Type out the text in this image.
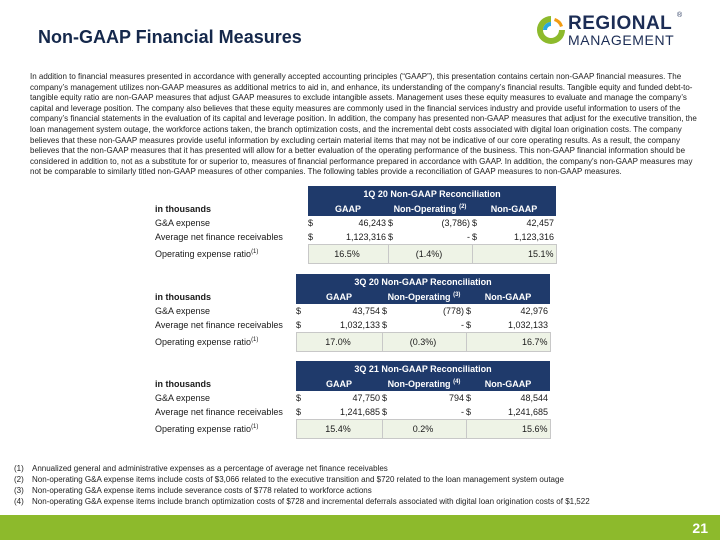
Non-GAAP Financial Measures
REGIONAL ®
MANAGEMENT
In addition to financial measures presented in accordance with generally accepted accounting principles (“GAAP”), this presentation contains certain non-GAAP financial measures. The company’s management utilizes non-GAAP measures as additional metrics to aid in, and enhance, its understanding of the company’s financial results. Tangible equity and funded debt-to-tangible equity ratio are non-GAAP measures that adjust GAAP measures to exclude intangible assets. Management uses these equity measures to evaluate and manage the company’s capital and leverage position. The company also believes that these equity measures are commonly used in the financial services industry and provide useful information to users of the company’s financial statements in the evaluation of its capital and leverage position. In addition, the company has presented non-GAAP measures that adjust for the executive transition, the loan management system outage, the workforce actions taken, the branch optimization costs, and the incremental debt costs associated with digital loan origination costs. The company believes that these non-GAAP measures provide useful information by excluding certain material items that may not be indicative of our core operating results. As a result, the company believes that the non-GAAP measures that it has presented will allow for a better evaluation of the operating performance of the business. This non-GAAP financial information should be considered in addition to, not as a substitute for or superior to, measures of financial performance prepared in accordance with GAAP. In addition, the company's non-GAAP measures may not be comparable to similarly titled non-GAAP measures of other companies. The following tables provide a reconciliation of GAAP measures to non-GAAP measures.
	1Q 20 Non-GAAP Reconciliation					
in thousands	GAAP		Non-Operating $^{(2)}$		Non-GAAP	
G&A expense	$	46,243	$	(3,786)	$	42,457
Average net finance receivables	$	1,123,316	$	-	$	1,123,316
Operating expense ratio$^{(1)}$	16.5%		(1.4%)		15.1%	
	3Q 20 Non-GAAP Reconciliation					
in thousands	GAAP		Non-Operating $^{(3)}$		Non-GAAP	
G&A expense	$	43,754	$	(778)	$	42,976
Average net finance receivables	$	1,032,133	$	-	$	1,032,133
Operating expense ratio$^{(1)}$	17.0%		(0.3%)		16.7%	
	3Q 21 Non-GAAP Reconciliation					
in thousands	GAAP		Non-Operating $^{(4)}$		Non-GAAP	
G&A expense	$	47,750	$	794	$	48,544
Average net finance receivables	$	1,241,685	$	-	$	1,241,685
Operating expense ratio$^{(1)}$	15.4%		0.2%		15.6%	
(1) Annualized general and administrative expenses as a percentage of average net finance receivables
(2) Non-operating G&A expense items include costs of $3,066 related to the executive transition and $720 related to the loan management system outage
(3) Non-operating G&A expense items include severance costs of $778 related to workforce actions
(4) Non-operating G&A expense items include branch optimization costs of $728 and incremental deferrals associated with digital loan origination costs of $1,522
21
